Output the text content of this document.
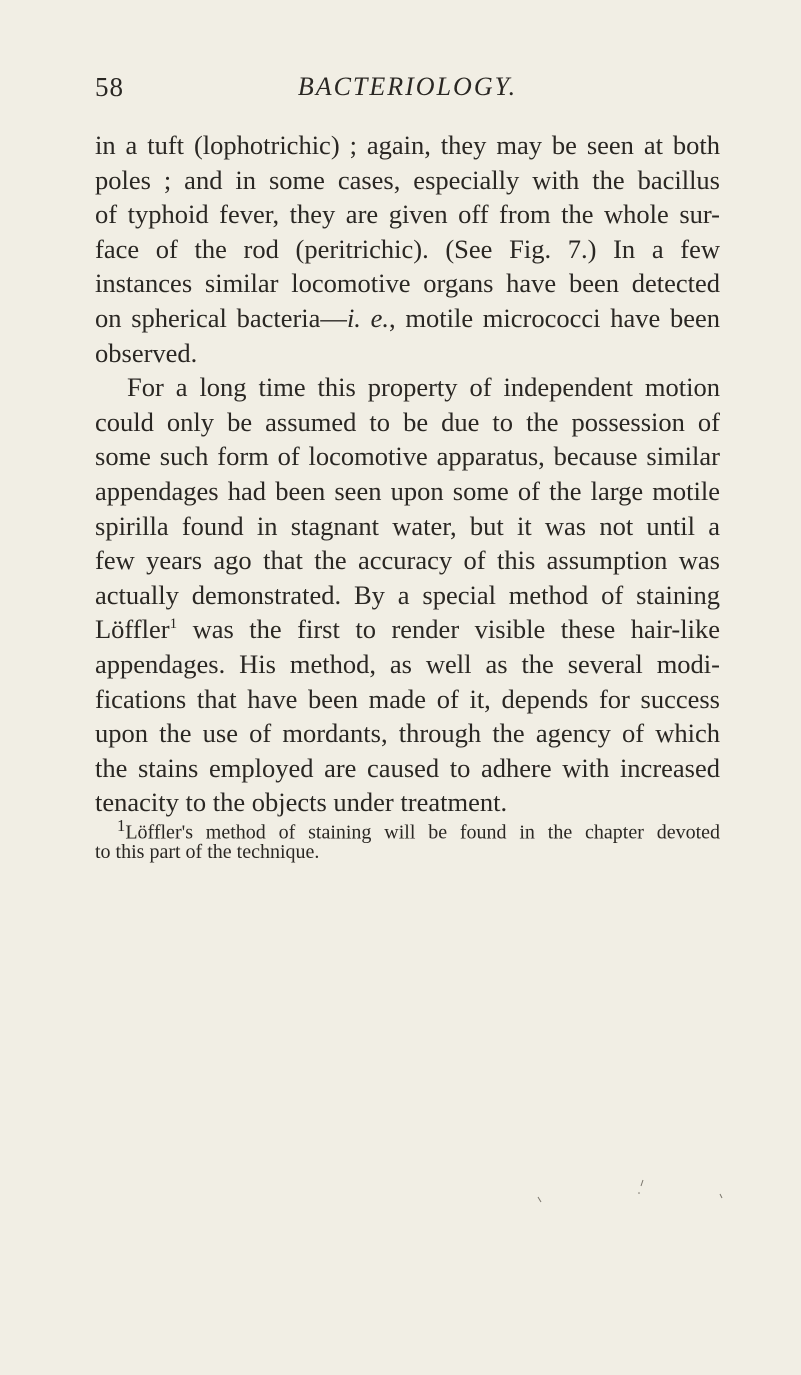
58	BACTERIOLOGY.
in a tuft (lophotrichic) ; again, they may be seen at both
poles ; and in some cases, especially with the bacillus
of typhoid fever, they are given off from the whole sur-
face of the rod (peritrichic). (See Fig. 7.) In a few
instances similar locomotive organs have been detected
on spherical bacteria—i. e., motile micrococci have been
observed.
For a long time this property of independent motion
could only be assumed to be due to the possession of
some such form of locomotive apparatus, because similar
appendages had been seen upon some of the large motile
spirilla found in stagnant water, but it was not until a
few years ago that the accuracy of this assumption was
actually demonstrated. By a special method of staining
Löffler$^1$ was the first to render visible these hair-like
appendages. His method, as well as the several modi-
fications that have been made of it, depends for success
upon the use of mordants, through the agency of which
the stains employed are caused to adhere with increased
tenacity to the objects under treatment.
$^1$Löffler's method of staining will be found in the chapter devoted
to this part of the technique.
